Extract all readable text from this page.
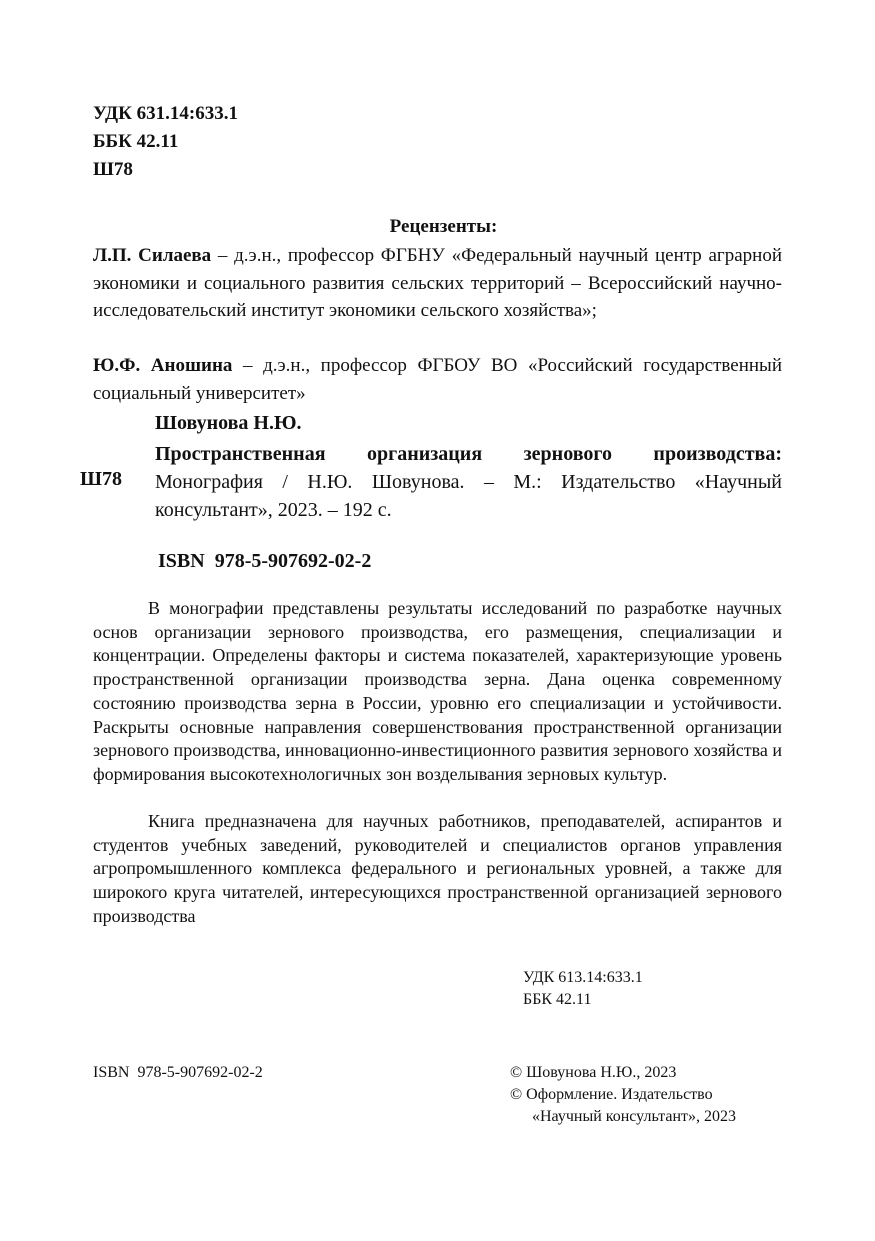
УДК 631.14:633.1
ББК 42.11
Ш78
Рецензенты:
Л.П. Силаева – д.э.н., профессор ФГБНУ «Федеральный научный центр аграрной экономики и социального развития сельских территорий – Всероссийский научно-исследовательский институт экономики сельского хозяйства»;
Ю.Ф. Аношина – д.э.н., профессор ФГБОУ ВО «Российский государственный социальный университет»
Шовунова Н.Ю.
Пространственная организация зернового производства: Монография / Н.Ю. Шовунова. – М.: Издательство «Научный консультант», 2023. – 192 с.
Ш78
ISBN  978-5-907692-02-2

В монографии представлены результаты исследований по разработке научных основ организации зернового производства, его размещения, специализации и концентрации. Определены факторы и система показателей, характеризующие уровень пространственной организации производства зерна. Дана оценка современному состоянию производства зерна в России, уровню его специализации и устойчивости. Раскрыты основные направления совершенствования пространственной организации зернового производства, инновационно-инвестиционного развития зернового хозяйства и формирования высокотехнологичных зон возделывания зерновых культур.

Книга предназначена для научных работников, преподавателей, аспирантов и студентов учебных заведений, руководителей и специалистов органов управления агропромышленного комплекса федерального и региональных уровней, а также для широкого круга читателей, интересующихся пространственной организацией зернового производства

УДК 613.14:633.1
ББК 42.11
ISBN  978-5-907692-02-2	© Шовунова Н.Ю., 2023
© Оформление. Издательство
«Научный консультант», 2023
